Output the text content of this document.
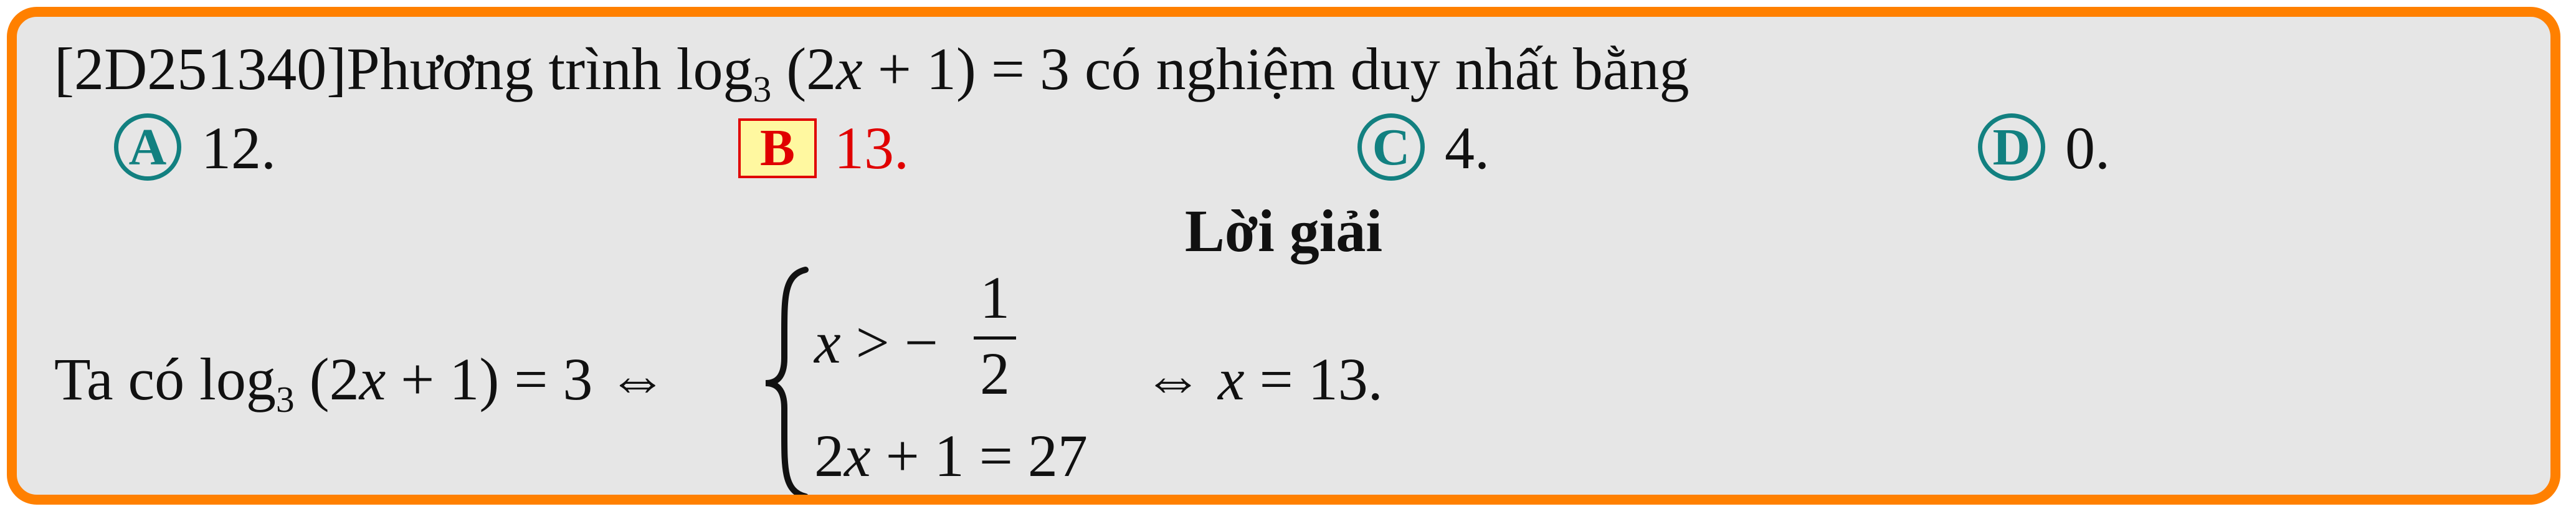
[2D251340]Phương trình $\log_3 (2x + 1) = 3$ có nghiệm duy nhất bằng
A 12.	B 13.	C 4.	D 0.
Lời giải
Ta có $\log_3 (2x + 1) = 3$ ⇔
x > −
1
2
2x + 1 = 27
⇔ x = 13.
